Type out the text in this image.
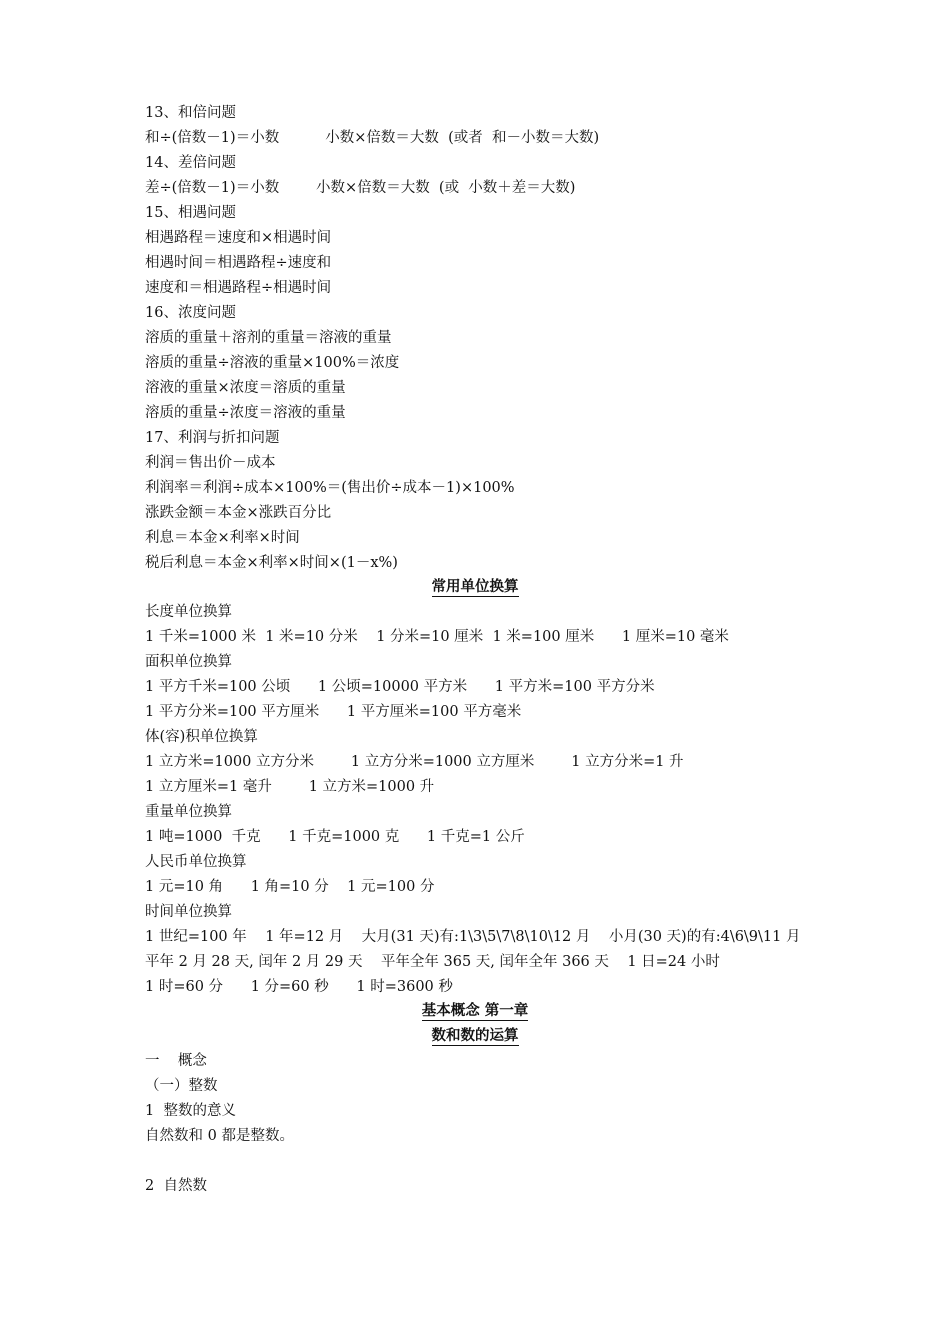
13、和倍问题
和÷(倍数－1)＝小数          小数×倍数＝大数  (或者  和－小数＝大数)
14、差倍问题
差÷(倍数－1)＝小数        小数×倍数＝大数  (或  小数＋差＝大数)
15、相遇问题
相遇路程＝速度和×相遇时间
相遇时间＝相遇路程÷速度和
速度和＝相遇路程÷相遇时间
16、浓度问题
溶质的重量＋溶剂的重量＝溶液的重量
溶质的重量÷溶液的重量×100%＝浓度
溶液的重量×浓度＝溶质的重量
溶质的重量÷浓度＝溶液的重量
17、利润与折扣问题
利润＝售出价－成本
利润率＝利润÷成本×100%＝(售出价÷成本－1)×100%
涨跌金额＝本金×涨跌百分比
利息＝本金×利率×时间
税后利息＝本金×利率×时间×(1－x%)
常用单位换算
长度单位换算
1 千米=1000 米  1 米=10 分米    1 分米=10 厘米  1 米=100 厘米      1 厘米=10 毫米
面积单位换算
1 平方千米=100 公顷      1 公顷=10000 平方米      1 平方米=100 平方分米
1 平方分米=100 平方厘米      1 平方厘米=100 平方毫米
体(容)积单位换算
1 立方米=1000 立方分米        1 立方分米=1000 立方厘米        1 立方分米=1 升
1 立方厘米=1 毫升        1 立方米=1000 升
重量单位换算
1 吨=1000  千克      1 千克=1000 克      1 千克=1 公斤
人民币单位换算
1 元=10 角      1 角=10 分    1 元=100 分
时间单位换算
1 世纪=100 年    1 年=12 月    大月(31 天)有:1\3\5\7\8\10\12 月    小月(30 天)的有:4\6\9\11 月
平年 2 月 28 天, 闰年 2 月 29 天    平年全年 365 天, 闰年全年 366 天    1 日=24 小时
1 时=60 分      1 分=60 秒      1 时=3600 秒
基本概念 第一章
数和数的运算
一    概念
（一）整数
1  整数的意义
自然数和 0 都是整数。
2  自然数
